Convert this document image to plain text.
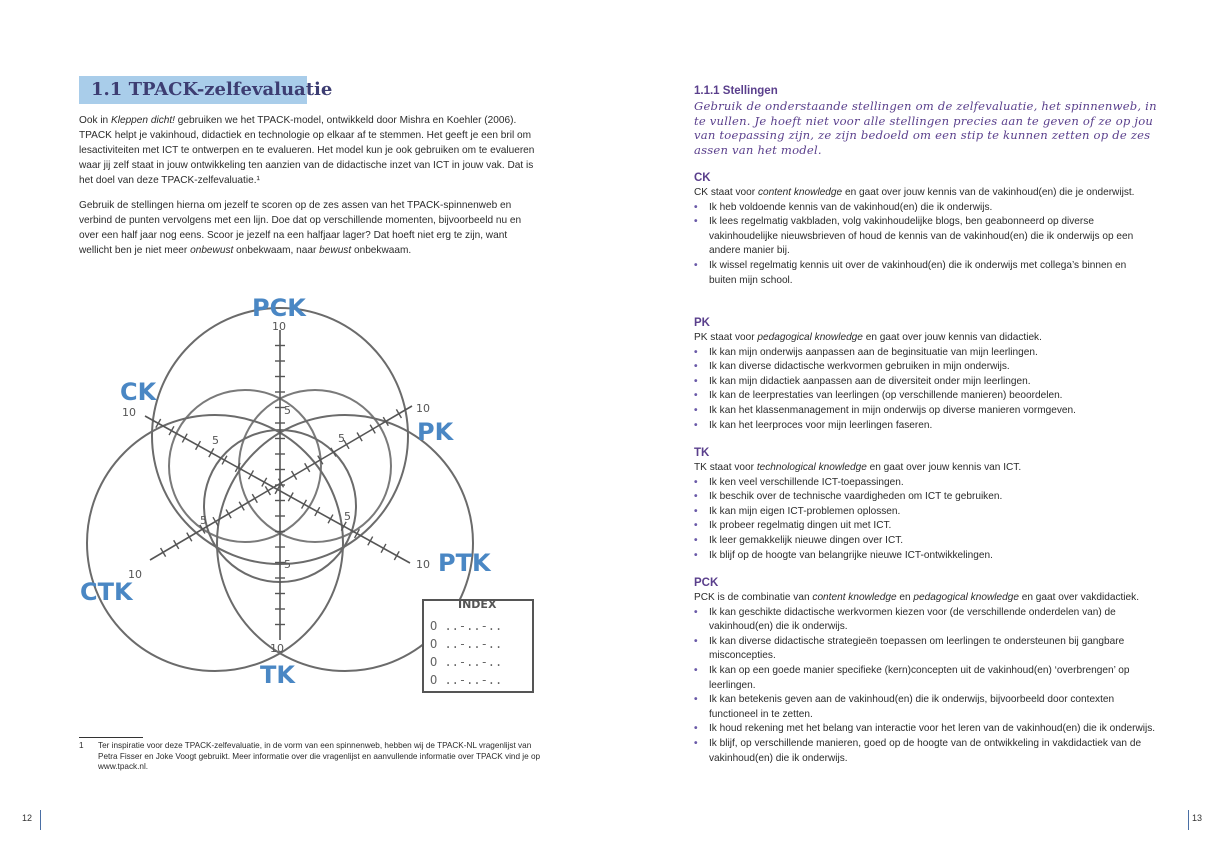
1.1 TPACK-zelfevaluatie

Ook in Kleppen dicht! gebruiken we het TPACK-model, ontwikkeld door Mishra en Koehler (2006). TPACK helpt je vakinhoud, didactiek en technologie op elkaar af te stemmen. Het geeft je een bril om lesactiviteiten met ICT te ontwerpen en te evalueren. Het model kun je ook gebruiken om te evalueren waar jij zelf staat in jouw ontwikkeling ten aanzien van de didactische inzet van ICT in jouw vak. Dat is het doel van deze TPACK-zelfevaluatie.¹

Gebruik de stellingen hierna om jezelf te scoren op de zes assen van het TPACK-spinnenweb en verbind de punten vervolgens met een lijn. Doe dat op verschillende momenten, bijvoorbeeld nu en over een half jaar nog eens. Scoor je jezelf na een halfjaar lager? Dat hoeft niet erg te zijn, want wellicht ben je niet meer onbewust onbekwaam, naar bewust onbekwaam.

PCK
CK
PK
CTK
PTK
TK
10
10	10
10
10
10
5
5	5
5	5
5
INDEX
O ..-..-..
O ..-..-..
O ..-..-..
O ..-..-..
1 Ter inspiratie voor deze TPACK-zelfevaluatie, in de vorm van een spinnenweb, hebben wij de TPACK-NL vragenlijst van Petra Fisser en Joke Voogt gebruikt. Meer informatie over die vragenlijst en aanvullende informatie over TPACK vind je op www.tpack.nl.
12
1.1.1 Stellingen
Gebruik de onderstaande stellingen om de zelfevaluatie, het spinnenweb, in te vullen. Je hoeft niet voor alle stellingen precies aan te geven of ze op jou van toepassing zijn, ze zijn bedoeld om een stip te kunnen zetten op de zes assen van het model.
CK

CK staat voor content knowledge en gaat over jouw kennis van de vakinhoud(en) die je onderwijst.

• Ik heb voldoende kennis van de vakinhoud(en) die ik onderwijs.
• Ik lees regelmatig vakbladen, volg vakinhoudelijke blogs, ben geabonneerd op diverse vakinhoudelijke nieuwsbrieven of houd de kennis van de vakinhoud(en) die ik onderwijs op een andere manier bij.
• Ik wissel regelmatig kennis uit over de vakinhoud(en) die ik onderwijs met collega’s binnen en buiten mijn school.
PK

PK staat voor pedagogical knowledge en gaat over jouw kennis van didactiek.

• Ik kan mijn onderwijs aanpassen aan de beginsituatie van mijn leerlingen.
• Ik kan diverse didactische werkvormen gebruiken in mijn onderwijs.
• Ik kan mijn didactiek aanpassen aan de diversiteit onder mijn leerlingen.
• Ik kan de leerprestaties van leerlingen (op verschillende manieren) beoordelen.
• Ik kan het klassenmanagement in mijn onderwijs op diverse manieren vormgeven.
• Ik kan het leerproces voor mijn leerlingen faseren.
TK

TK staat voor technological knowledge en gaat over jouw kennis van ICT.

• Ik ken veel verschillende ICT-toepassingen.
• Ik beschik over de technische vaardigheden om ICT te gebruiken.
• Ik kan mijn eigen ICT-problemen oplossen.
• Ik probeer regelmatig dingen uit met ICT.
• Ik leer gemakkelijk nieuwe dingen over ICT.
• Ik blijf op de hoogte van belangrijke nieuwe ICT-ontwikkelingen.
PCK

PCK is de combinatie van content knowledge en pedagogical knowledge en gaat over vakdidactiek.

• Ik kan geschikte didactische werkvormen kiezen voor (de verschillende onderdelen van) de vakinhoud(en) die ik onderwijs.
• Ik kan diverse didactische strategieën toepassen om leerlingen te ondersteunen bij gangbare misconcepties.
• Ik kan op een goede manier specifieke (kern)concepten uit de vakinhoud(en) ‘overbrengen’ op leerlingen.
• Ik kan betekenis geven aan de vakinhoud(en) die ik onderwijs, bijvoorbeeld door contexten functioneel in te zetten.
• Ik houd rekening met het belang van interactie voor het leren van de vakinhoud(en) die ik onderwijs.
• Ik blijf, op verschillende manieren, goed op de hoogte van de ontwikkeling in vakdidactiek van de vakinhoud(en) die ik onderwijs.
13
